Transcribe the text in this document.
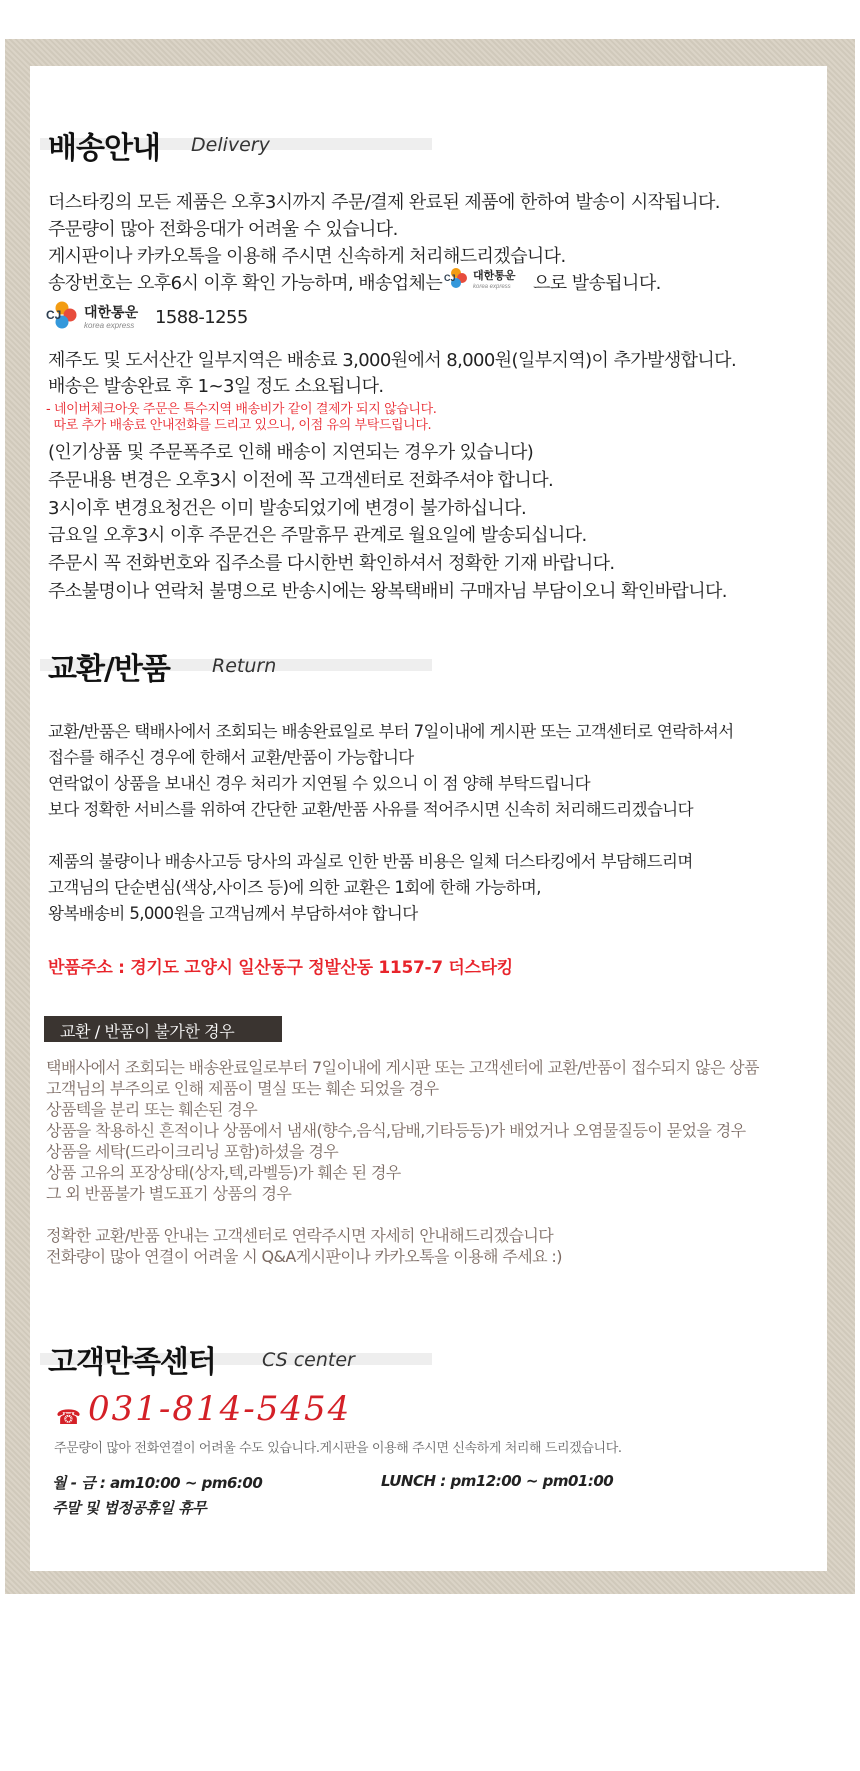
배송안내 Delivery
더스타킹의 모든 제품은 오후3시까지 주문/결제 완료된 제품에 한하여 발송이 시작됩니다.
주문량이 많아 전화응대가 어려울 수 있습니다.
게시판이나 카카오톡을 이용해 주시면 신속하게 처리해드리겠습니다.
송장번호는 오후6시 이후 확인 가능하며, 배송업체는 CJ 대한통운
korea express 으로 발송됩니다.
CJ 대한통운
korea express 1588-1255
제주도 및 도서산간 일부지역은 배송료 3,000원에서 8,000원(일부지역)이 추가발생합니다.
배송은 발송완료 후 1~3일 정도 소요됩니다.
- 네이버체크아웃 주문은 특수지역 배송비가 같이 결제가 되지 않습니다.
따로 추가 배송료 안내전화를 드리고 있으니, 이점 유의 부탁드립니다.
(인기상품 및 주문폭주로 인해 배송이 지연되는 경우가 있습니다)
주문내용 변경은 오후3시 이전에 꼭 고객센터로 전화주셔야 합니다.
3시이후 변경요청건은 이미 발송되었기에 변경이 불가하십니다.
금요일 오후3시 이후 주문건은 주말휴무 관계로 월요일에 발송되십니다.
주문시 꼭 전화번호와 집주소를 다시한번 확인하셔서 정확한 기재 바랍니다.
주소불명이나 연락처 불명으로 반송시에는 왕복택배비 구매자님 부담이오니 확인바랍니다.
교환/반품 Return
교환/반품은 택배사에서 조회되는 배송완료일로 부터 7일이내에 게시판 또는 고객센터로 연락하셔서
접수를 해주신 경우에 한해서 교환/반품이 가능합니다
연락없이 상품을 보내신 경우 처리가 지연될 수 있으니 이 점 양해 부탁드립니다
보다 정확한 서비스를 위하여 간단한 교환/반품 사유를 적어주시면 신속히 처리해드리겠습니다
제품의 불량이나 배송사고등 당사의 과실로 인한 반품 비용은 일체 더스타킹에서 부담해드리며
고객님의 단순변심(색상,사이즈 등)에 의한 교환은 1회에 한해 가능하며,
왕복배송비 5,000원을 고객님께서 부담하셔야 합니다
반품주소 : 경기도 고양시 일산동구 정발산동 1157-7 더스타킹
교환 / 반품이 불가한 경우
택배사에서 조회되는 배송완료일로부터 7일이내에 게시판 또는 고객센터에 교환/반품이 접수되지 않은 상품
고객님의 부주의로 인해 제품이 멸실 또는 훼손 되었을 경우
상품텍을 분리 또는 훼손된 경우
상품을 착용하신 흔적이나 상품에서 냄새(향수,음식,담배,기타등등)가 배었거나 오염물질등이 묻었을 경우
상품을 세탁(드라이크리닝 포함)하셨을 경우
상품 고유의 포장상태(상자,텍,라벨등)가 훼손 된 경우
그 외 반품불가 별도표기 상품의 경우
정확한 교환/반품 안내는 고객센터로 연락주시면 자세히 안내해드리겠습니다
전화량이 많아 연결이 어려울 시 Q&A게시판이나 카카오톡을 이용해 주세요 :)
고객만족센터 CS center
☎ 031-814-5454
주문량이 많아 전화연결이 어려울 수도 있습니다.게시판을 이용해 주시면 신속하게 처리해 드리겠습니다.
월 - 금 : am10:00 ~ pm6:00	LUNCH : pm12:00 ~ pm01:00
주말 및 법정공휴일 휴무
